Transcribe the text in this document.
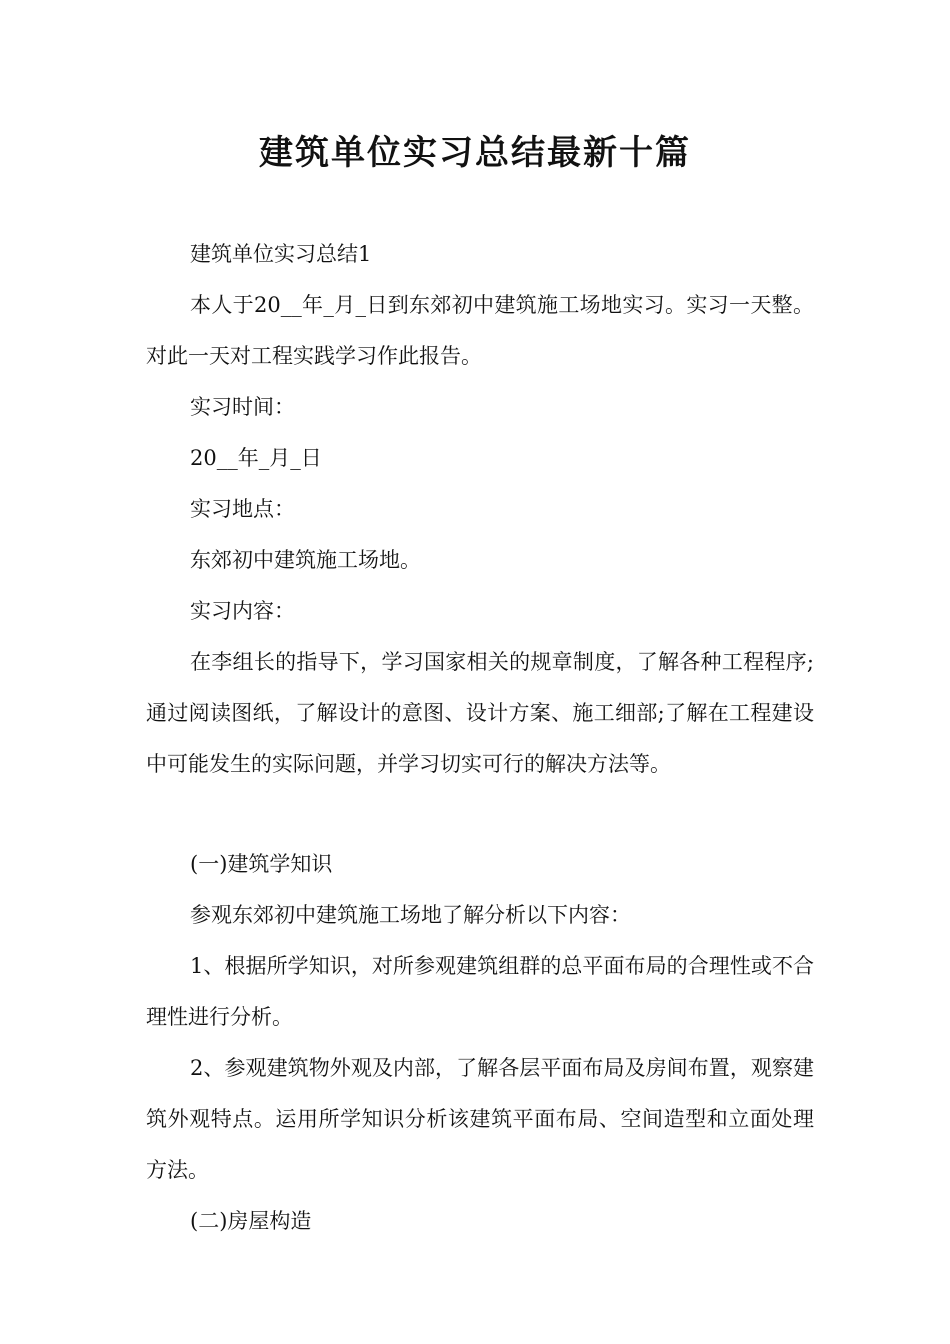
建筑单位实习总结最新十篇

建筑单位实习总结1

本人于20__年_月_日到东郊初中建筑施工场地实习。实习一天整。对此一天对工程实践学习作此报告。

实习时间：

20__年_月_日

实习地点：

东郊初中建筑施工场地。

实习内容：

在李组长的指导下，学习国家相关的规章制度，了解各种工程程序;通过阅读图纸，了解设计的意图、设计方案、施工细部;了解在工程建设中可能发生的实际问题，并学习切实可行的解决方法等。

(一)建筑学知识

参观东郊初中建筑施工场地了解分析以下内容：

1、根据所学知识，对所参观建筑组群的总平面布局的合理性或不合理性进行分析。

2、参观建筑物外观及内部，了解各层平面布局及房间布置，观察建筑外观特点。运用所学知识分析该建筑平面布局、空间造型和立面处理方法。

(二)房屋构造
